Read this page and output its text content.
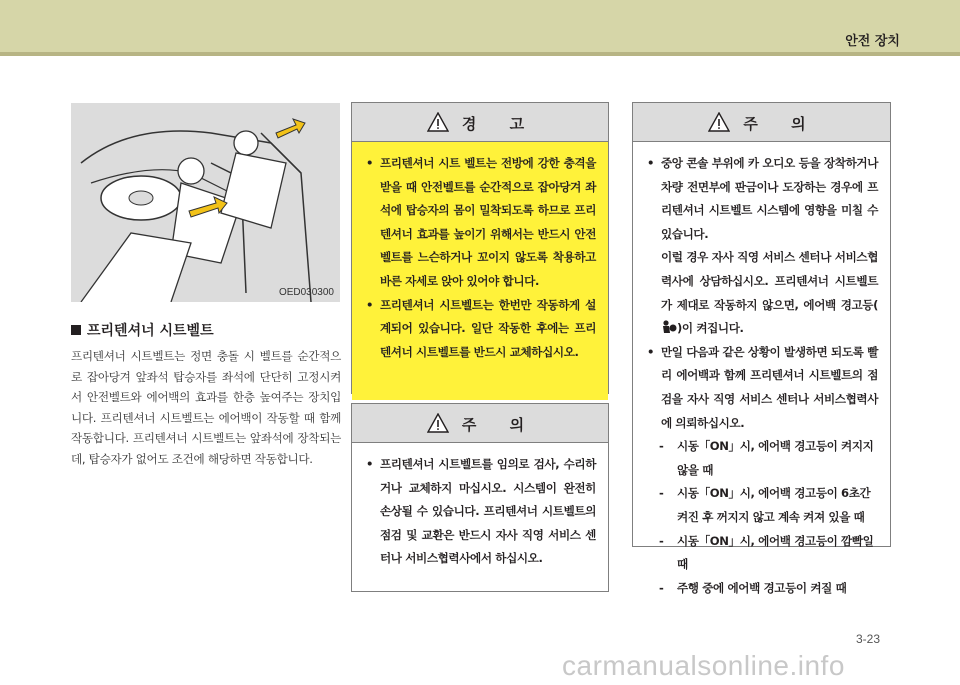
안전 장치
OED030300
프리텐셔너 시트벨트
프리텐셔너 시트벨트는 정면 충돌 시 벨트를 순간적으로 잡아당겨 앞좌석 탑승자를 좌석에 단단히 고정시켜서 안전벨트와 에어백의 효과를 한층 높여주는 장치입니다. 프리텐셔너 시트벨트는 에어백이 작동할 때 함께 작동합니다. 프리텐셔너 시트벨트는 앞좌석에 장착되는데, 탑승자가 없어도 조건에 해당하면 작동합니다.
경 고
• 프리텐셔너 시트 벨트는 전방에 강한 충격을 받을 때 안전벨트를 순간적으로 잡아당겨 좌석에 탑승자의 몸이 밀착되도록 하므로 프리텐셔너 효과를 높이기 위해서는 반드시 안전벨트를 느슨하거나 꼬이지 않도록 착용하고 바른 자세로 앉아 있어야 합니다.
• 프리텐셔너 시트벨트는 한번만 작동하게 설계되어 있습니다. 일단 작동한 후에는 프리텐셔너 시트벨트를 반드시 교체하십시오.
주 의
• 프리텐셔너 시트벨트를 임의로 검사, 수리하거나 교체하지 마십시오. 시스템이 완전히 손상될 수 있습니다. 프리텐셔너 시트벨트의 점검 및 교환은 반드시 자사 직영 서비스 센터나 서비스협력사에서 하십시오.
주 의
• 중앙 콘솔 부위에 카 오디오 등을 장착하거나 차량 전면부에 판금이나 도장하는 경우에 프리텐셔너 시트벨트 시스템에 영향을 미칠 수 있습니다.
이럴 경우 자사 직영 서비스 센터나 서비스협력사에 상담하십시오. 프리텐셔너 시트벨트가 제대로 작동하지 않으면, 에어백 경고등()이 켜집니다.
• 만일 다음과 같은 상황이 발생하면 되도록 빨리 에어백과 함께 프리텐셔너 시트벨트의 점검을 자사 직영 서비스 센터나 서비스협력사에 의뢰하십시오.
- 시동「ON」시, 에어백 경고등이 켜지지 않을 때
- 시동「ON」시, 에어백 경고등이 6초간 켜진 후 꺼지지 않고 계속 켜져 있을 때
- 시동「ON」시, 에어백 경고등이 깜빡일 때
- 주행 중에 에어백 경고등이 켜질 때
3-23
carmanualsonline.info
